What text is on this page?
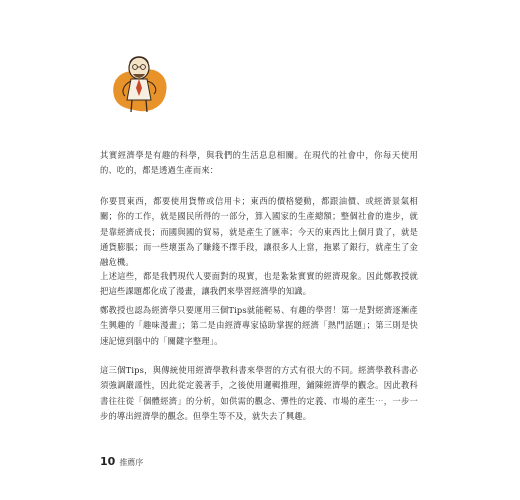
其實經濟學是有趣的科學，與我們的生活息息相關。在現代的社會中，你每天使用的、吃的，都是透過生產而來：

你要買東西，都要使用貨幣或信用卡；東西的價格變動，都跟油價、或經濟景氣相關；你的工作，就是國民所得的一部分，算入國家的生產總額；整個社會的進步，就是靠經濟成長；而國與國的貿易，就是產生了匯率；今天的東西比上個月貴了，就是通貨膨脹；而一些壞蛋為了賺錢不擇手段，讓很多人上當，拖累了銀行，就產生了金融危機。

上述這些，都是我們現代人要面對的現實，也是紮紮實實的經濟現象。因此鄭教授就把這些課題都化成了漫畫，讓我們來學習經濟學的知識。

鄭教授也認為經濟學只要運用三個Tips就能輕易、有趣的學習！第一是對經濟逐漸產生興趣的「趣味漫畫」；第二是由經濟專家協助掌握的經濟「熱門話題」；第三則是快速記憶到腦中的「關鍵字整理」。

這三個Tips，與傳統使用經濟學教科書來學習的方式有很大的不同。經濟學教科書必須強調嚴謹性，因此從定義著手，之後使用邏輯推理，鋪陳經濟學的觀念。因此教科書往往從「個體經濟」的分析，如供需的觀念、彈性的定義、市場的產生⋯，一步一步的導出經濟學的觀念。但學生等不及，就失去了興趣。

10 推薦序
